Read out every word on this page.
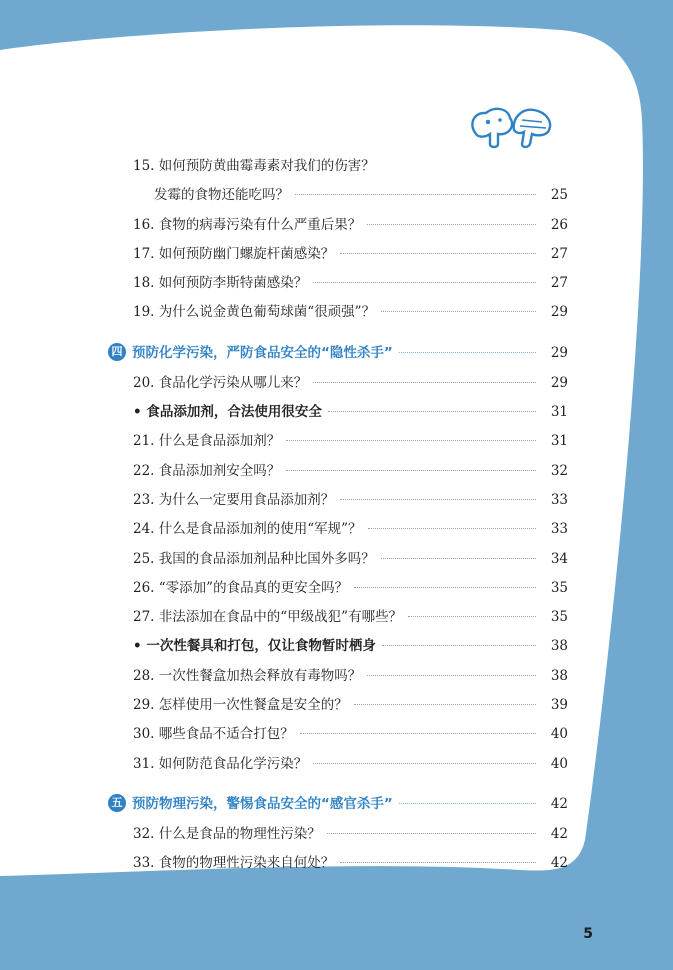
15. 如何预防黄曲霉毒素对我们的伤害？
发霉的食物还能吃吗？	25
16. 食物的病毒污染有什么严重后果？	26
17. 如何预防幽门螺旋杆菌感染？	27
18. 如何预防李斯特菌感染？	27
19. 为什么说金黄色葡萄球菌“很顽强”？	29
四 预防化学污染，严防食品安全的“隐性杀手”	29
20. 食品化学污染从哪儿来？	29
• 食品添加剂，合法使用很安全	31
21. 什么是食品添加剂？	31
22. 食品添加剂安全吗？	32
23. 为什么一定要用食品添加剂？	33
24. 什么是食品添加剂的使用“军规”？	33
25. 我国的食品添加剂品种比国外多吗？	34
26. “零添加”的食品真的更安全吗？	35
27. 非法添加在食品中的“甲级战犯”有哪些？	35
• 一次性餐具和打包，仅让食物暂时栖身	38
28. 一次性餐盒加热会释放有毒物吗？	38
29. 怎样使用一次性餐盒是安全的？	39
30. 哪些食品不适合打包？	40
31. 如何防范食品化学污染？	40
五 预防物理污染，警惕食品安全的“感官杀手”	42
32. 什么是食品的物理性污染？	42
33. 食物的物理性污染来自何处？	42
5
